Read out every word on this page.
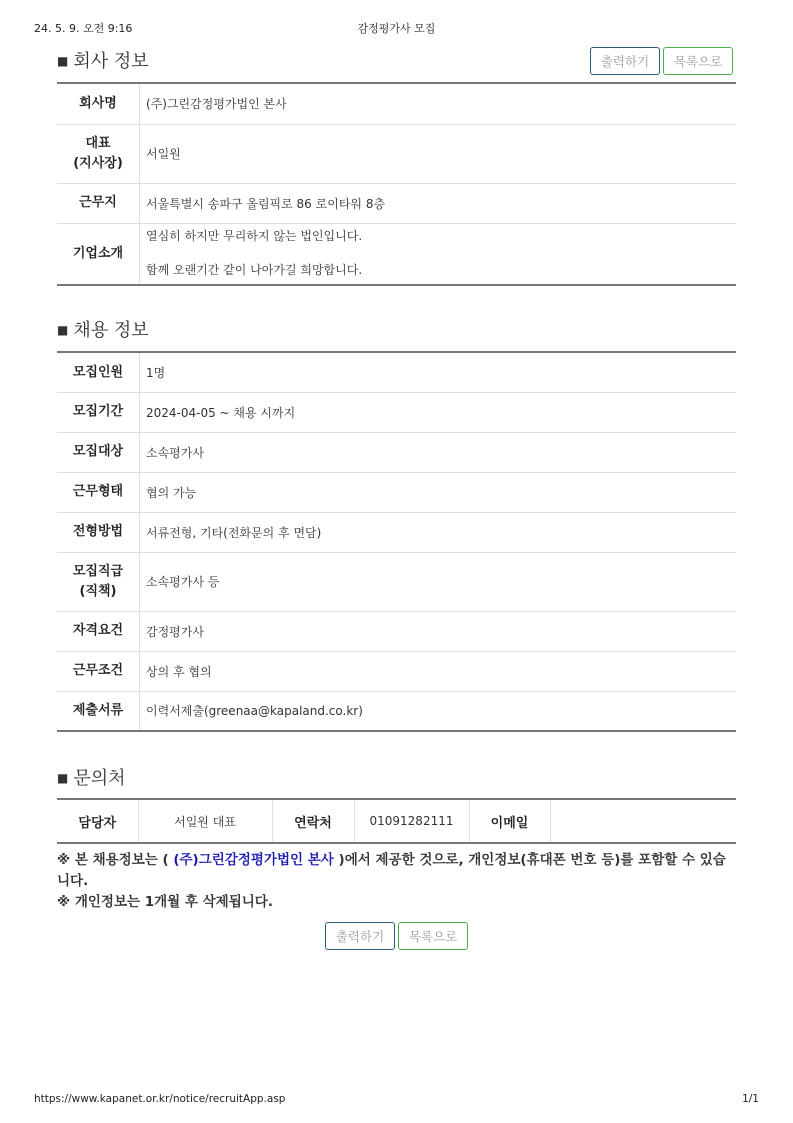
24. 5. 9. 오전 9:16	감정평가사 모집
■ 회사 정보	출력하기	목록으로
회사명	(주)그린감정평가법인 본사
대표
(지사장)	서일원
근무지	서울특별시 송파구 올림픽로 86 로이타워 8층
기업소개	열심히 하지만 무리하지 않는 법인입니다.
함께 오랜기간 같이 나아가길 희망합니다.
■ 채용 정보
모집인원	1명
모집기간	2024-04-05 ~ 채용 시까지
모집대상	소속평가사
근무형태	협의 가능
전형방법	서류전형, 기타(전화문의 후 면담)
모집직급
(직책)	소속평가사 등
자격요건	감정평가사
근무조건	상의 후 협의
제출서류	이력서제출(greenaa@kapaland.co.kr)
■ 문의처
담당자	서일원 대표	연락처	01091282111	이메일	
※ 본 채용정보는 ( (주)그린감정평가법인 본사 )에서 제공한 것으로, 개인정보(휴대폰 번호 등)를 포함할 수 있습니다.
※ 개인정보는 1개월 후 삭제됩니다.
출력하기	목록으로
https://www.kapanet.or.kr/notice/recruitApp.asp	1/1
